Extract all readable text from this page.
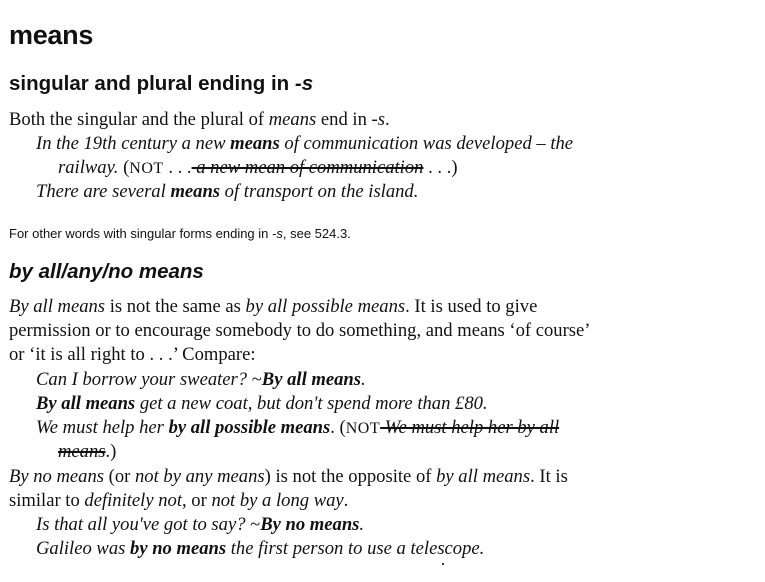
means
singular and plural ending in -s
Both the singular and the plural of means end in -s.
In the 19th century a new means of communication was developed – the
railway. (NOT . . . a new mean of communication . . .)
There are several means of transport on the island.
For other words with singular forms ending in -s, see 524.3.
by all/any/no means
By all means is not the same as by all possible means. It is used to give
permission or to encourage somebody to do something, and means ‘of course’
or ‘it is all right to . . .’ Compare:
Can I borrow your sweater? ~By all means.
By all means get a new coat, but don't spend more than £80.
We must help her by all possible means. (NOT We must help her by all
means.)
By no means (or not by any means) is not the opposite of by all means. It is
similar to definitely not, or not by a long way.
Is that all you've got to say? ~By no means.
Galileo was by no means the first person to use a telescope.
